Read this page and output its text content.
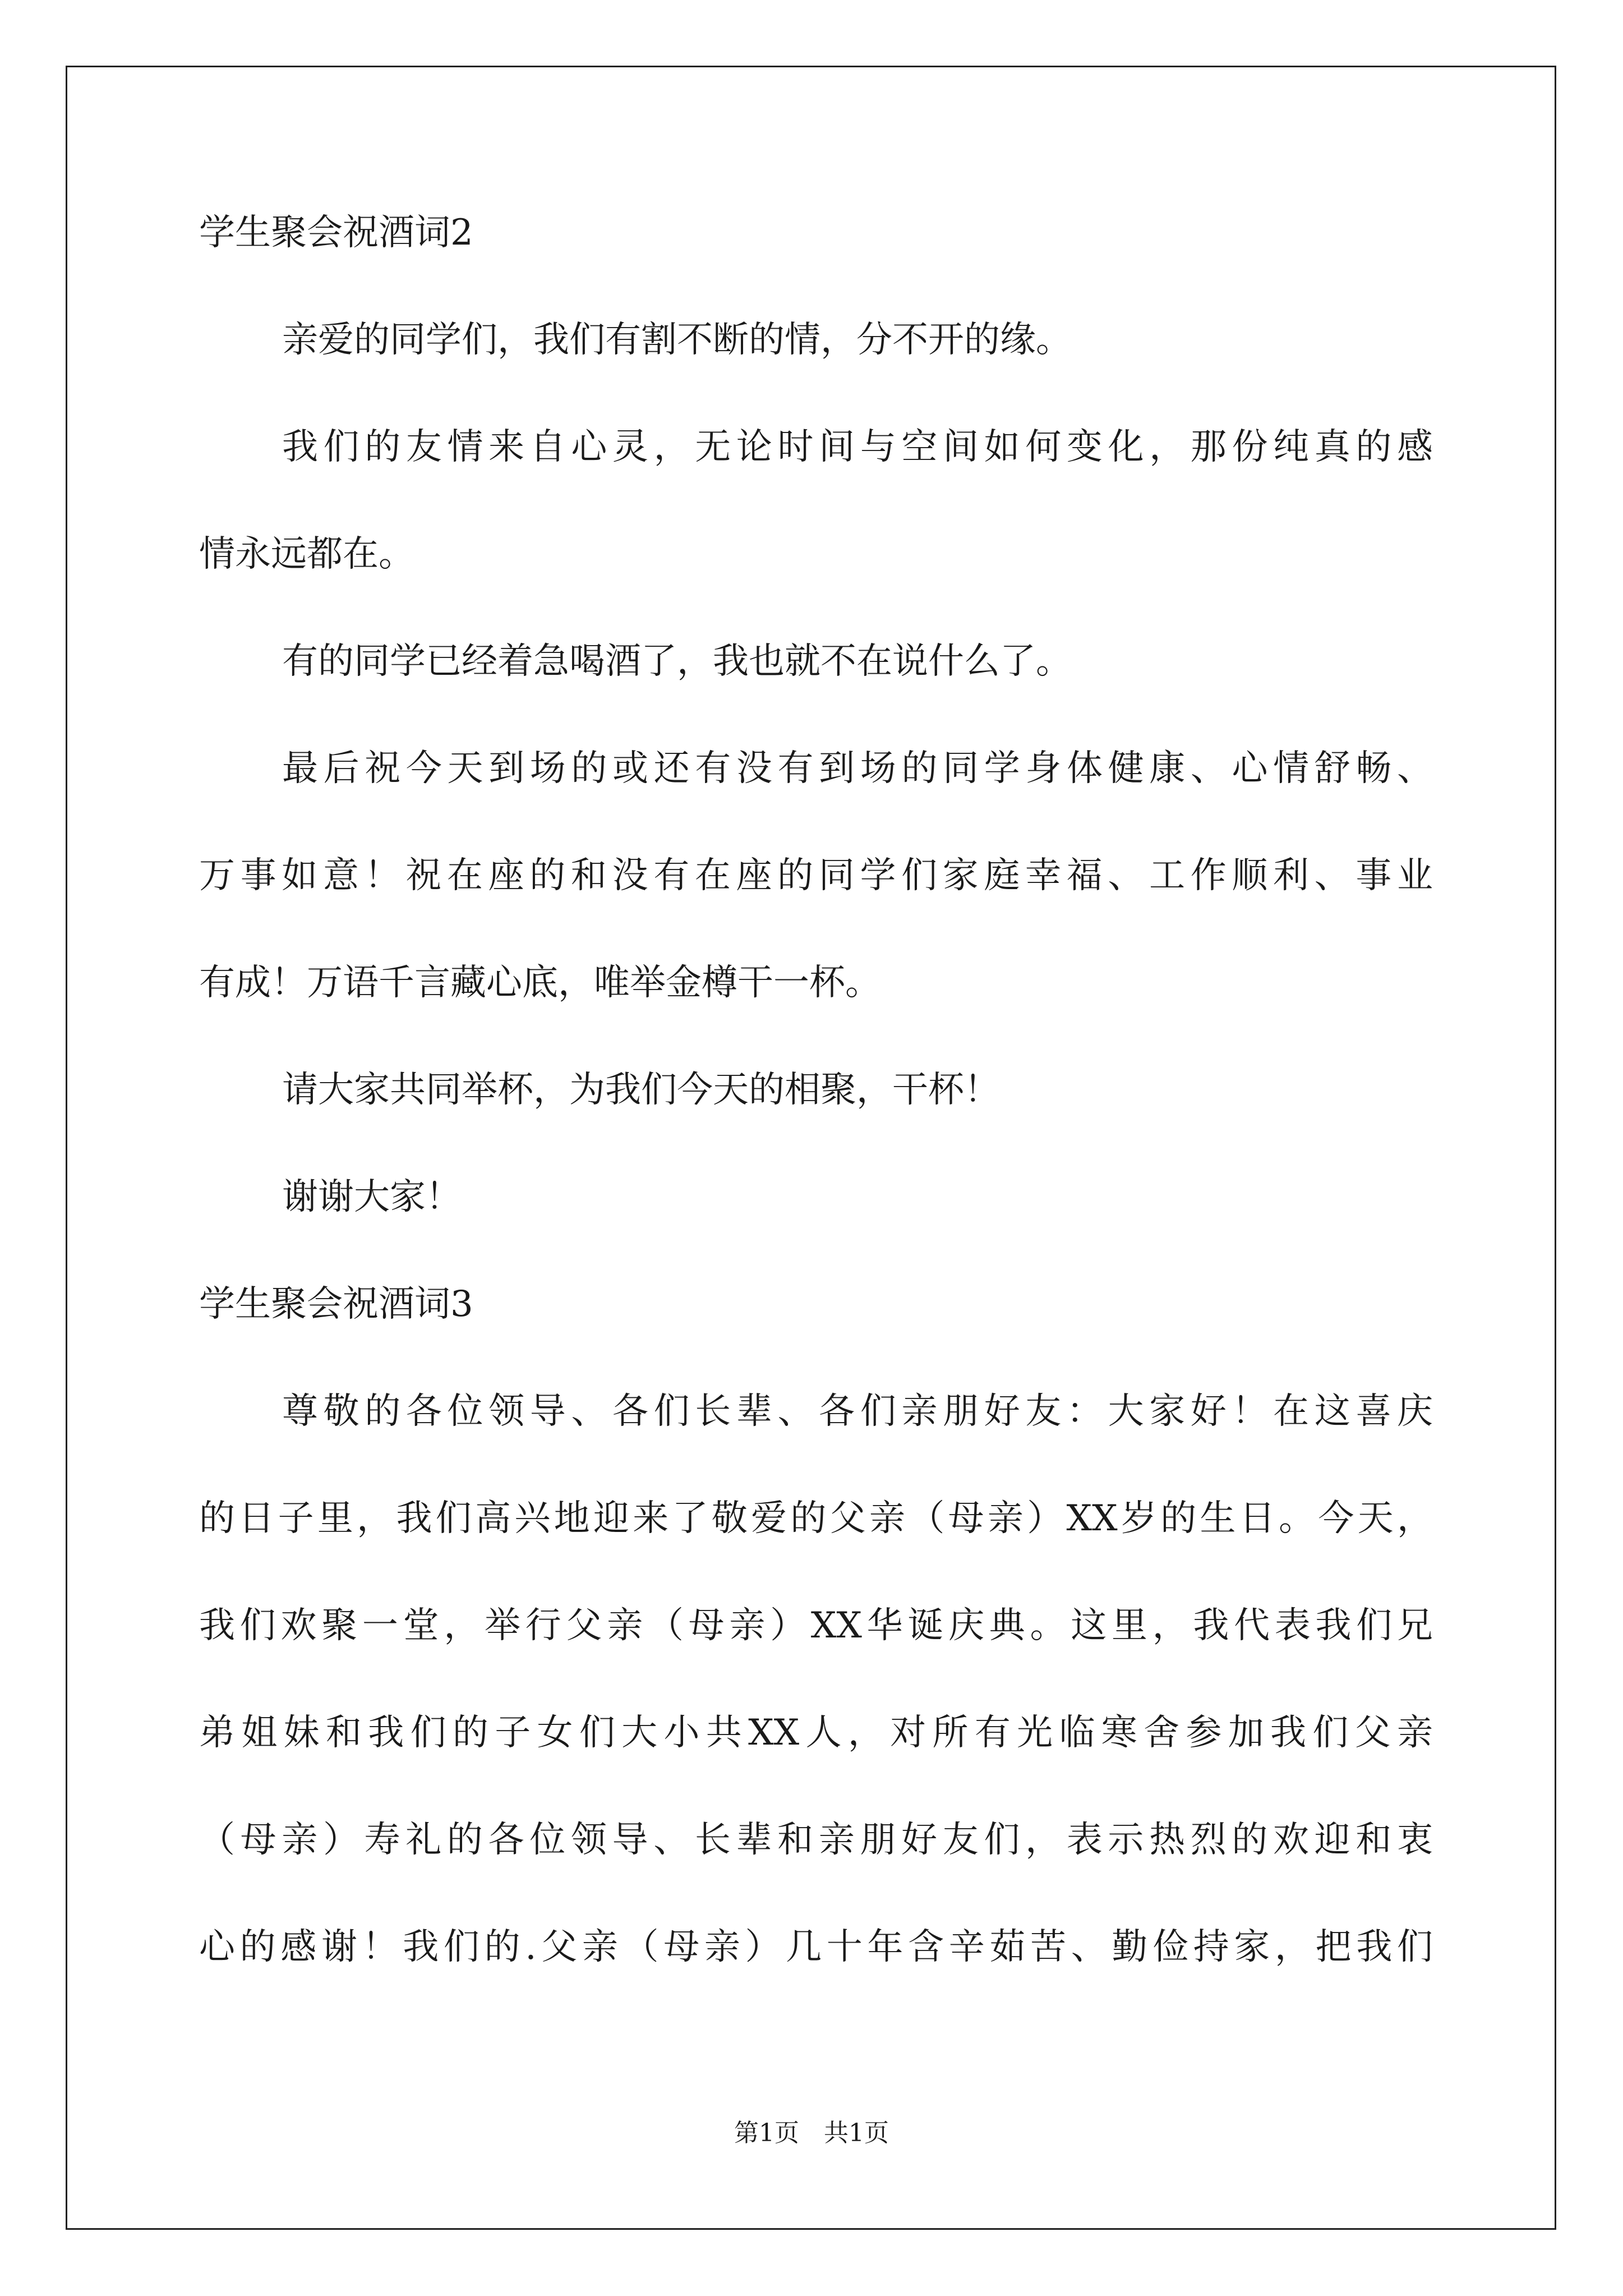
学生聚会祝酒词2
亲爱的同学们，我们有割不断的情，分不开的缘。
我们的友情来自心灵，无论时间与空间如何变化，那份纯真的感
情永远都在。
有的同学已经着急喝酒了，我也就不在说什么了。
最后祝今天到场的或还有没有到场的同学身体健康、心情舒畅、
万事如意！祝在座的和没有在座的同学们家庭幸福、工作顺利、事业
有成！万语千言藏心底，唯举金樽干一杯。
请大家共同举杯，为我们今天的相聚，干杯！
谢谢大家！
学生聚会祝酒词3
尊敬的各位领导、各们长辈、各们亲朋好友：大家好！在这喜庆
的日子里，我们高兴地迎来了敬爱的父亲（母亲）XX岁的生日。今天，
我们欢聚一堂，举行父亲（母亲）XX华诞庆典。这里，我代表我们兄
弟姐妹和我们的子女们大小共XX人，对所有光临寒舍参加我们父亲
（母亲）寿礼的各位领导、长辈和亲朋好友们，表示热烈的欢迎和衷
心的感谢！我们的.父亲（母亲）几十年含辛茹苦、勤俭持家，把我们
第1页　共1页
